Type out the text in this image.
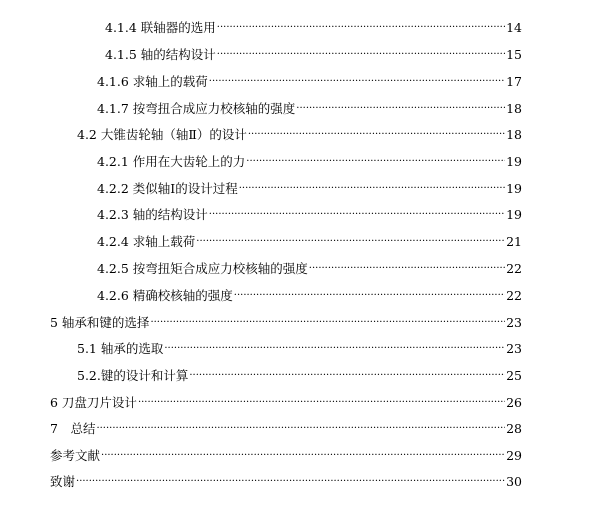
4.1.4 联轴器的选用 ·····	14
4.1.5 轴的结构设计 ·····	15
4.1.6 求轴上的载荷 ·····	17
4.1.7 按弯扭合成应力校核轴的强度 ·····	18
4.2 大锥齿轮轴（轴Ⅱ）的设计 ·····	18
4.2.1 作用在大齿轮上的力 ·····	19
4.2.2 类似轴Ⅰ的设计过程 ·····	19
4.2.3 轴的结构设计 ·····	19
4.2.4 求轴上载荷 ·····	21
4.2.5 按弯扭矩合成应力校核轴的强度 ·····	22
4.2.6 精确校核轴的强度 ·····	22
5 轴承和键的选择 ·····	23
5.1 轴承的选取 ·····	23
5.2.键的设计和计算 ·····	25
6 刀盘刀片设计 ·····	26
7　总结 ·····	28
参考文献 ·····	29
致谢 ·····	30
